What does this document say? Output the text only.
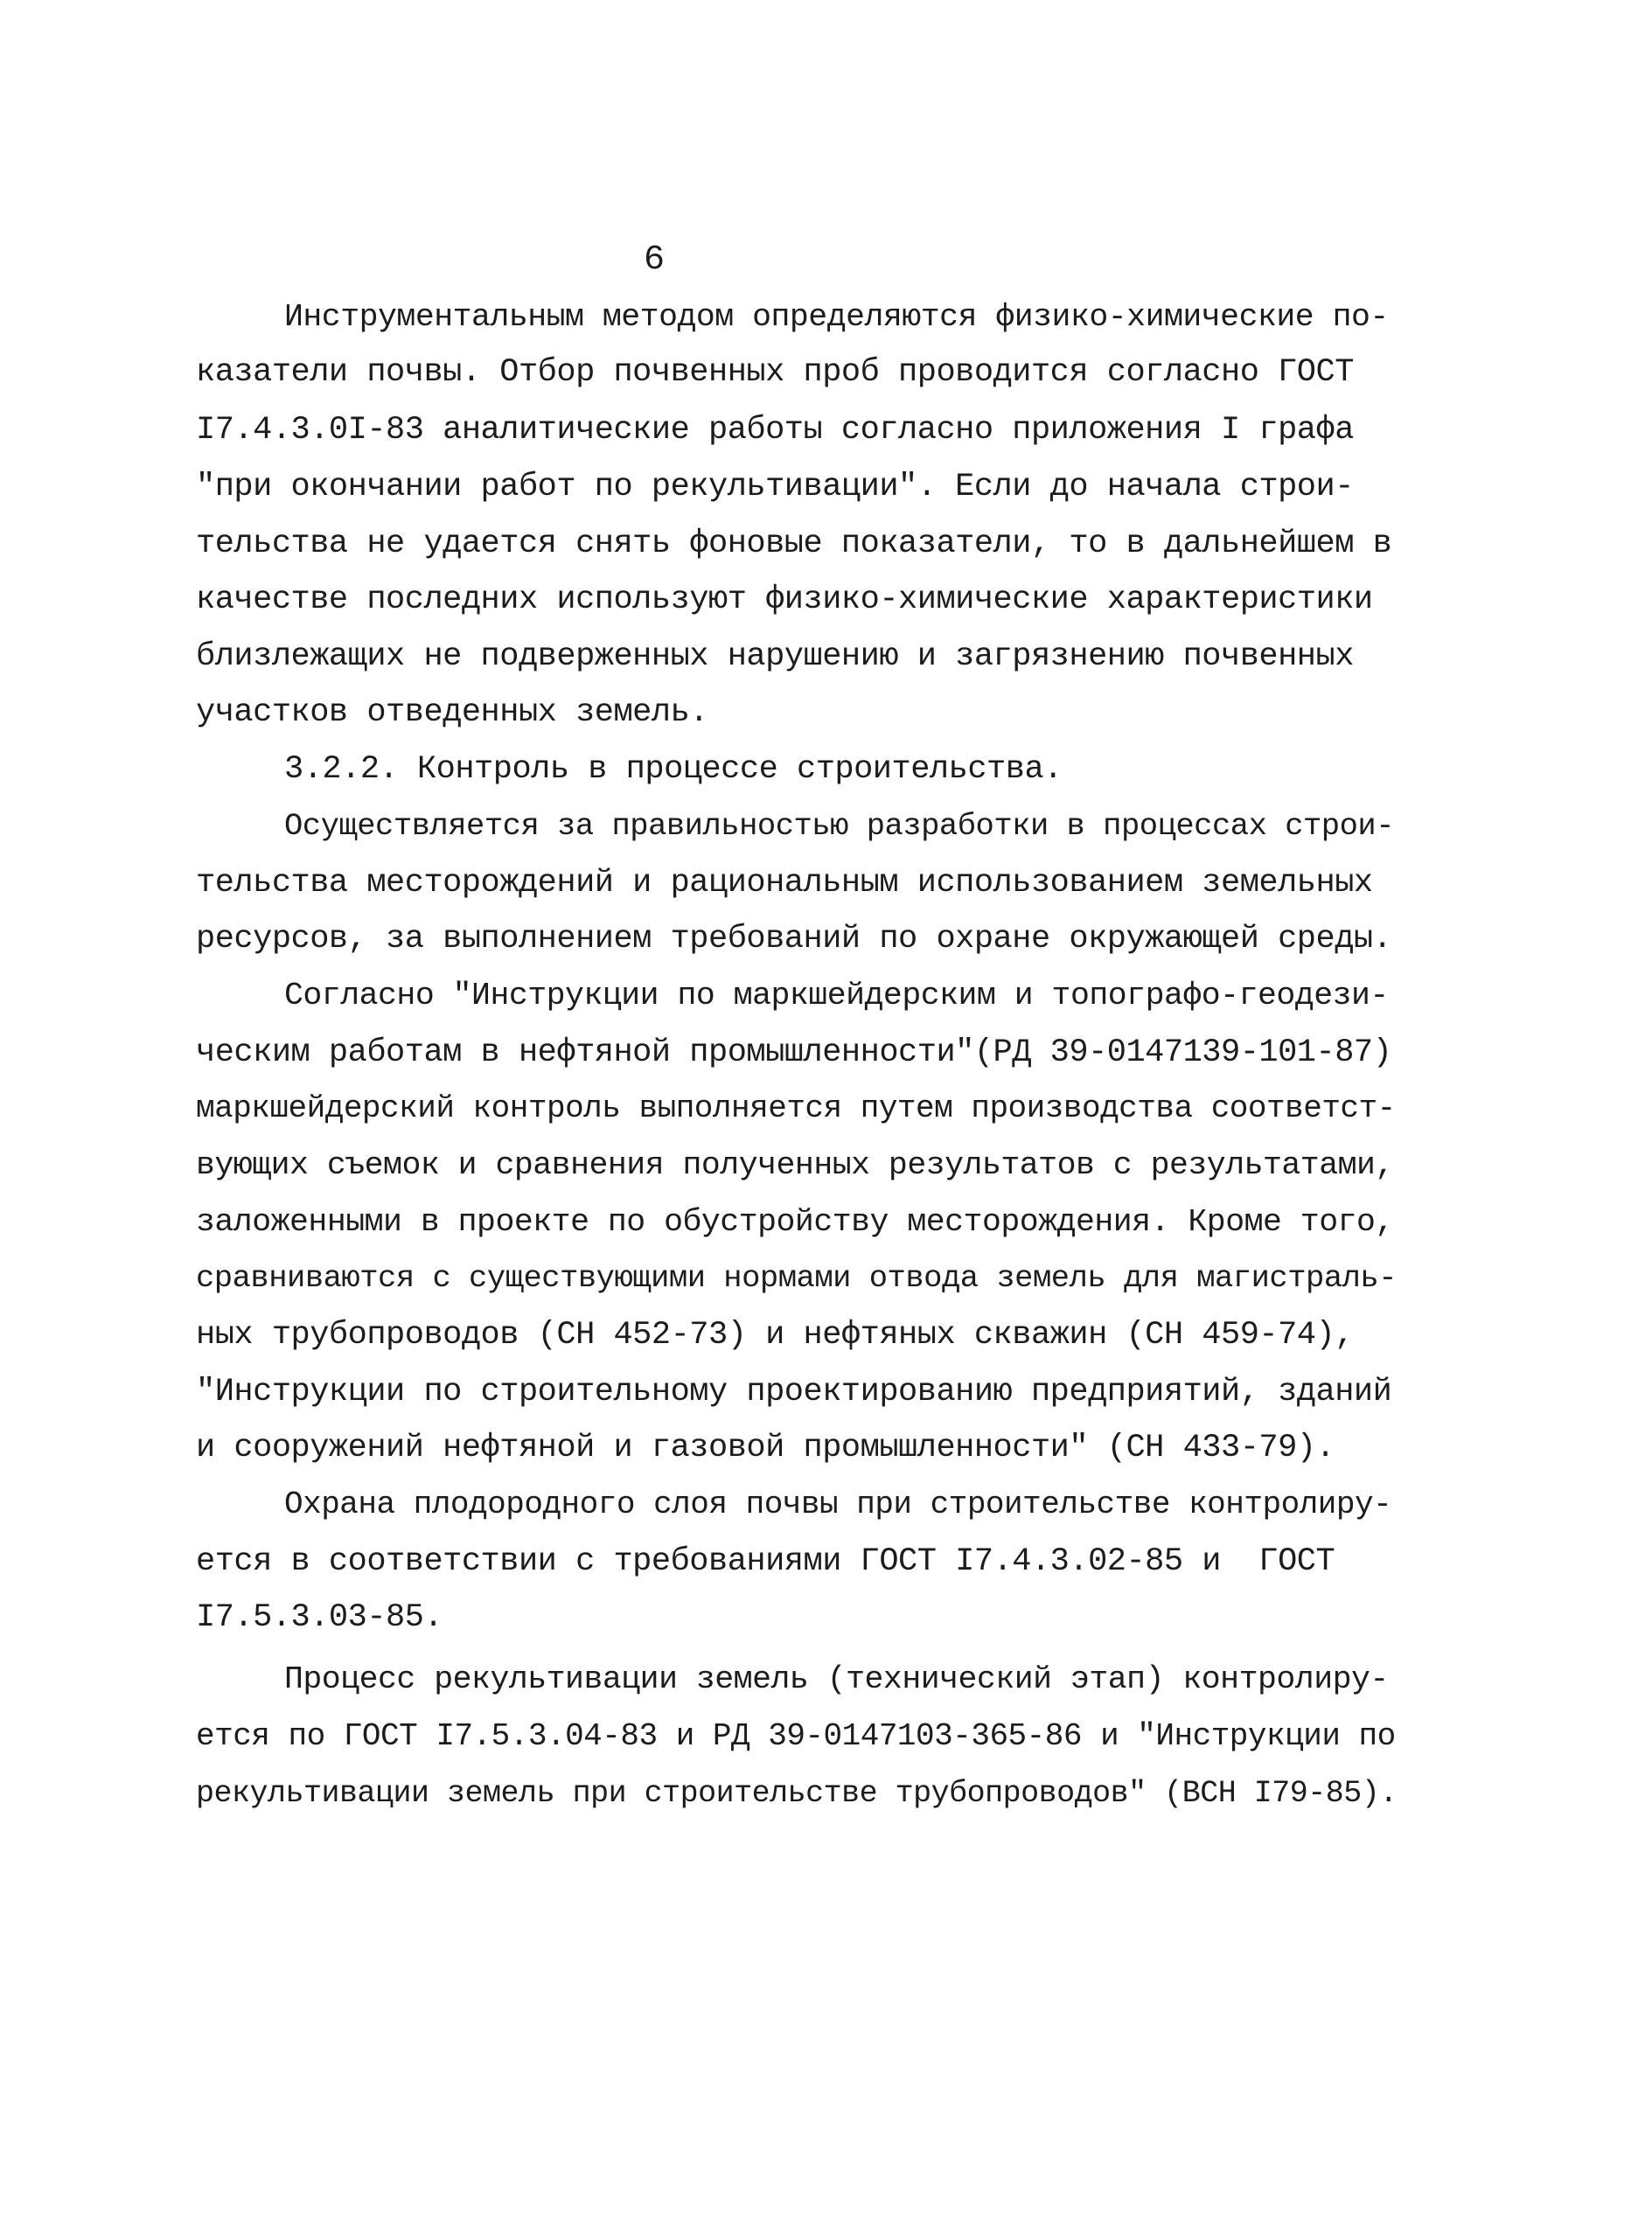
6
Инструментальным методом определяются физико-химические по-
казатели почвы. Отбор почвенных проб проводится согласно ГОСТ
I7.4.3.0I-83 аналитические работы согласно приложения I графа
"при окончании работ по рекультивации". Если до начала строи-
тельства не удается снять фоновые показатели, то в дальнейшем в
качестве последних используют физико-химические характеристики
близлежащих не подверженных нарушению и загрязнению почвенных
участков отведенных земель.
3.2.2. Контроль в процессе строительства.
Осуществляется за правильностью разработки в процессах строи-
тельства месторождений и рациональным использованием земельных
ресурсов, за выполнением требований по охране окружающей среды.
Согласно "Инструкции по маркшейдерским и топографо-геодези-
ческим работам в нефтяной промышленности"(РД 39-0147139-101-87)
маркшейдерский контроль выполняется путем производства соответст-
вующих съемок и сравнения полученных результатов с результатами,
заложенными в проекте по обустройству месторождения. Кроме того,
сравниваются с существующими нормами отвода земель для магистраль-
ных трубопроводов (СН 452-73) и нефтяных скважин (СН 459-74),
"Инструкции по строительному проектированию предприятий, зданий
и сооружений нефтяной и газовой промышленности" (СН 433-79).
Охрана плодородного слоя почвы при строительстве контролиру-
ется в соответствии с требованиями ГОСТ I7.4.3.02-85 и  ГОСТ
I7.5.3.03-85.
Процесс рекультивации земель (технический этап) контролиру-
ется по ГОСТ I7.5.3.04-83 и РД 39-0147103-365-86 и "Инструкции по
рекультивации земель при строительстве трубопроводов" (ВСН I79-85).
